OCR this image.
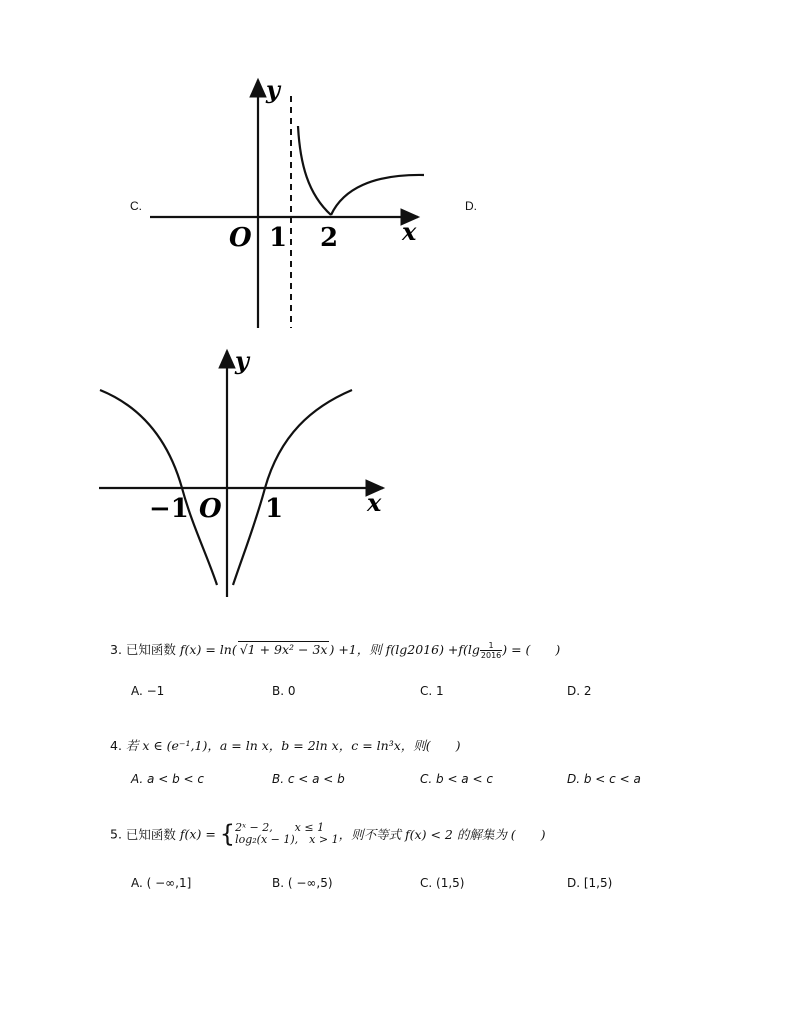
C.
y
x
O 1 2
D.
y
x
−1 O 1
3. 已知函数 f(x) = ln( √1 + 9x² − 3x ) +1，则 $f(\lg 2016) +f(\lg \frac{1}{2016}$ ) = (　　)
A. −1	B. 0	C. 1	D. 2
4. 若 x ∈ (e⁻¹,1)，a = ln x，b = 2ln x，c = ln³x，则(　　)
A. a < b < c	B. c < a < b	C. b < a < c	D. b < c < a
5. 已知函数 f(x) = { 2ˣ − 2,　　x ≤ 1
log₂(x − 1),　x > 1 ，则不等式 f(x) < 2 的解集为 (　　)
A. ( −∞,1]	B. ( −∞,5)	C. (1,5)	D. [1,5)
